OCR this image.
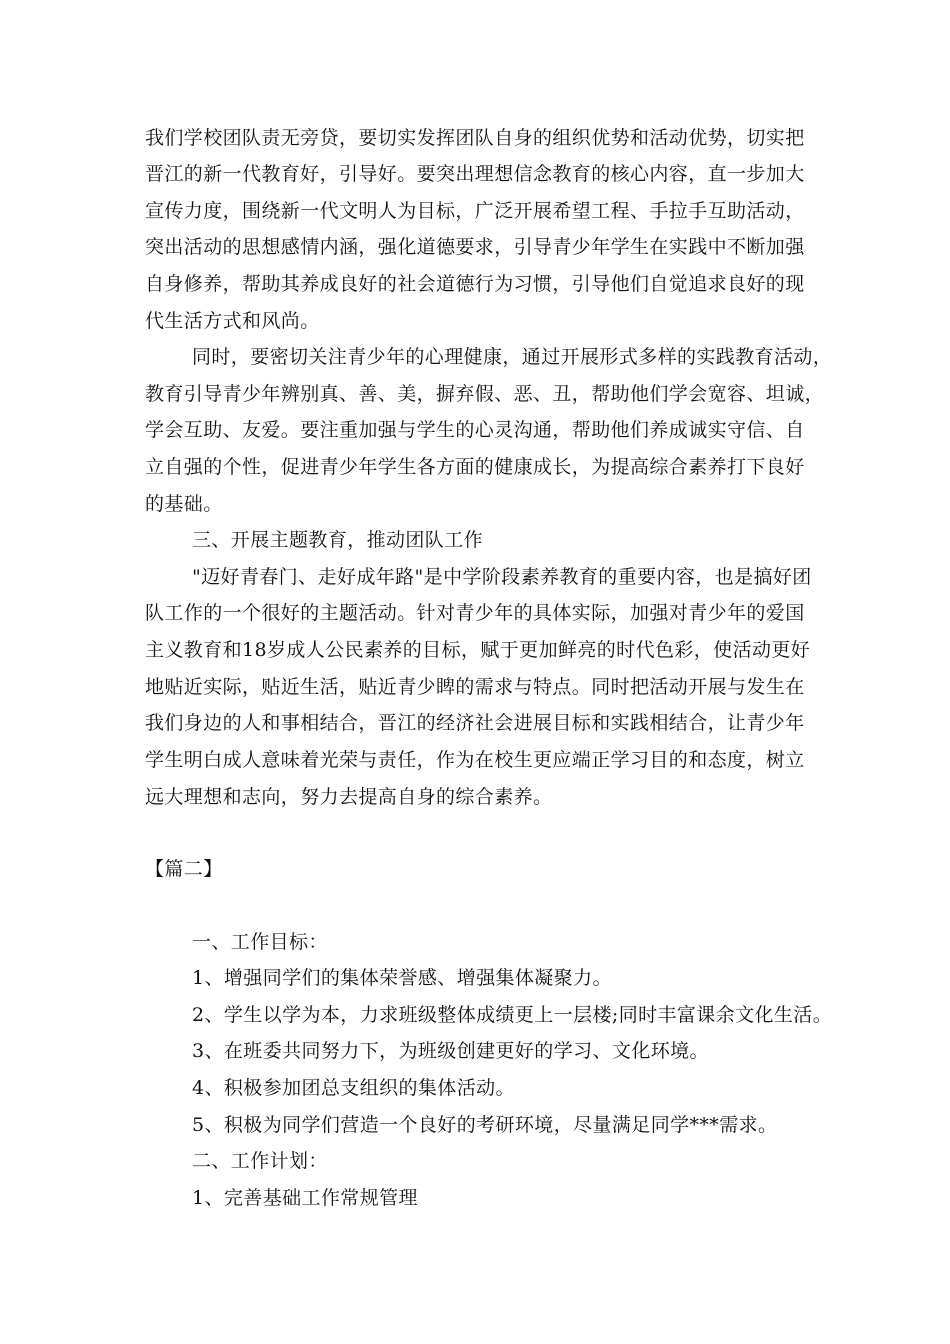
我们学校团队责无旁贷，要切实发挥团队自身的组织优势和活动优势，切实把
晋江的新一代教育好，引导好。要突出理想信念教育的核心内容，直一步加大
宣传力度，围绕新一代文明人为目标，广泛开展希望工程、手拉手互助活动，
突出活动的思想感情内涵，强化道德要求，引导青少年学生在实践中不断加强
自身修养，帮助其养成良好的社会道德行为习惯，引导他们自觉追求良好的现
代生活方式和风尚。
同时，要密切关注青少年的心理健康，通过开展形式多样的实践教育活动，
教育引导青少年辨别真、善、美，摒弃假、恶、丑，帮助他们学会宽容、坦诚，
学会互助、友爱。要注重加强与学生的心灵沟通，帮助他们养成诚实守信、自
立自强的个性，促进青少年学生各方面的健康成长，为提高综合素养打下良好
的基础。
三、开展主题教育，推动团队工作
"迈好青春门、走好成年路"是中学阶段素养教育的重要内容，也是搞好团
队工作的一个很好的主题活动。针对青少年的具体实际，加强对青少年的爱国
主义教育和18岁成人公民素养的目标，赋于更加鲜亮的时代色彩，使活动更好
地贴近实际，贴近生活，贴近青少睥的需求与特点。同时把活动开展与发生在
我们身边的人和事相结合，晋江的经济社会进展目标和实践相结合，让青少年
学生明白成人意味着光荣与责任，作为在校生更应端正学习目的和态度，树立
远大理想和志向，努力去提高自身的综合素养。
【篇二】
一、工作目标：
1、增强同学们的集体荣誉感、增强集体凝聚力。
2、学生以学为本，力求班级整体成绩更上一层楼;同时丰富课余文化生活。
3、在班委共同努力下，为班级创建更好的学习、文化环境。
4、积极参加团总支组织的集体活动。
5、积极为同学们营造一个良好的考研环境，尽量满足同学***需求。
二、工作计划：
1、完善基础工作常规管理
